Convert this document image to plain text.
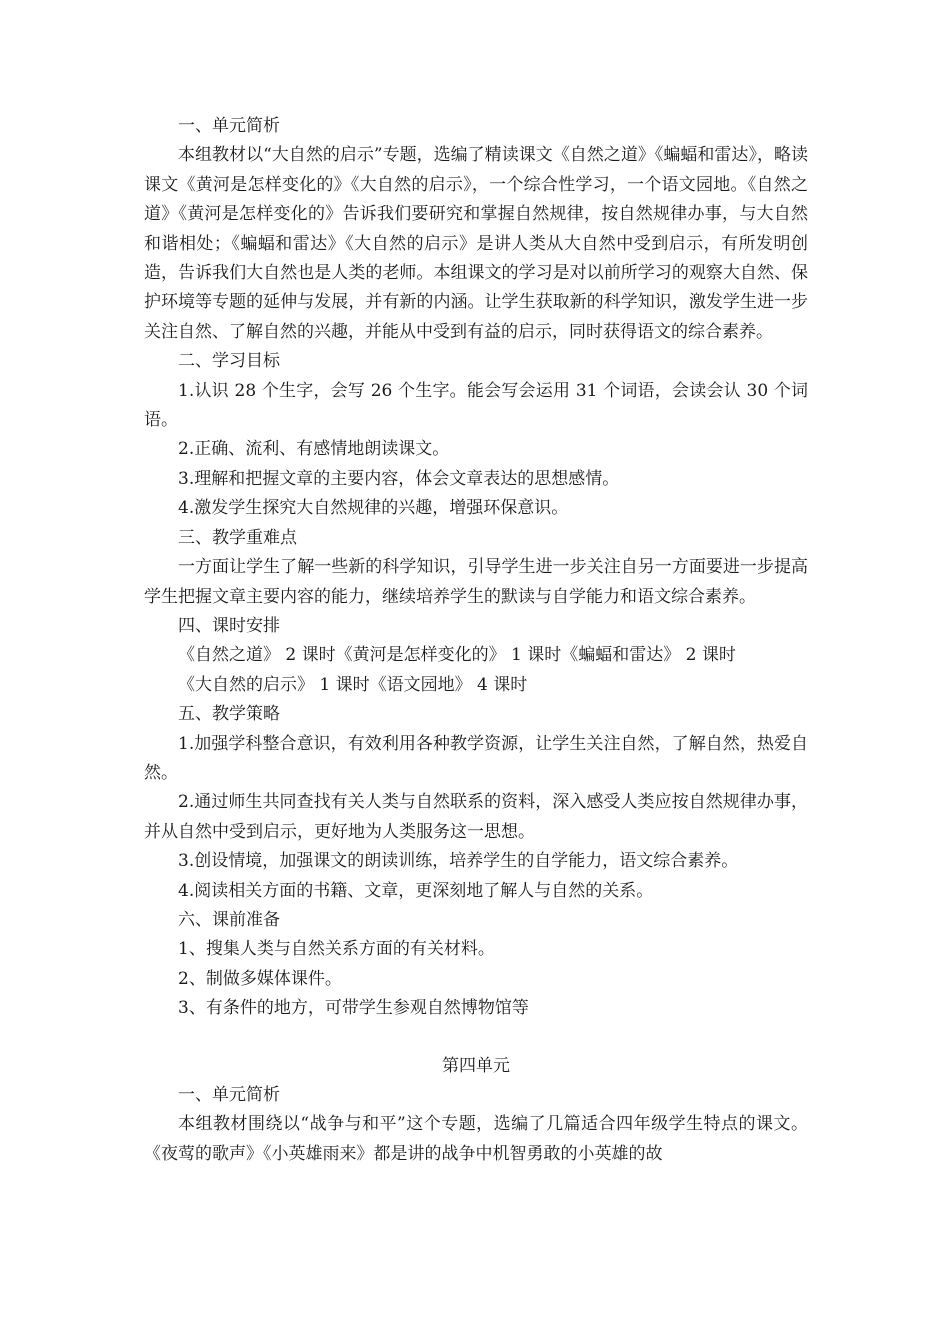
一、单元简析

本组教材以“大自然的启示”专题，选编了精读课文《自然之道》《蝙蝠和雷达》，略读课文《黄河是怎样变化的》《大自然的启示》，一个综合性学习，一个语文园地。《自然之道》《黄河是怎样变化的》告诉我们要研究和掌握自然规律，按自然规律办事，与大自然和谐相处；《蝙蝠和雷达》《大自然的启示》是讲人类从大自然中受到启示，有所发明创造，告诉我们大自然也是人类的老师。本组课文的学习是对以前所学习的观察大自然、保护环境等专题的延伸与发展，并有新的内涵。让学生获取新的科学知识，激发学生进一步关注自然、了解自然的兴趣，并能从中受到有益的启示，同时获得语文的综合素养。

二、学习目标

1.认识 28 个生字，会写 26 个生字。能会写会运用 31 个词语，会读会认 30 个词语。

2.正确、流利、有感情地朗读课文。

3.理解和把握文章的主要内容，体会文章表达的思想感情。

4.激发学生探究大自然规律的兴趣，增强环保意识。

三、教学重难点

一方面让学生了解一些新的科学知识，引导学生进一步关注自另一方面要进一步提高学生把握文章主要内容的能力，继续培养学生的默读与自学能力和语文综合素养。

四、课时安排

《自然之道》 2 课时《黄河是怎样变化的》 1 课时《蝙蝠和雷达》 2 课时

《大自然的启示》 1 课时《语文园地》 4 课时

五、教学策略

1.加强学科整合意识，有效利用各种教学资源，让学生关注自然，了解自然，热爱自然。

2.通过师生共同查找有关人类与自然联系的资料，深入感受人类应按自然规律办事，并从自然中受到启示，更好地为人类服务这一思想。

3.创设情境，加强课文的朗读训练，培养学生的自学能力，语文综合素养。

4.阅读相关方面的书籍、文章，更深刻地了解人与自然的关系。

六、课前准备

1、搜集人类与自然关系方面的有关材料。

2、制做多媒体课件。

3、有条件的地方，可带学生参观自然博物馆等

第四单元

一、单元简析

本组教材围绕以“战争与和平”这个专题，选编了几篇适合四年级学生特点的课文。《夜莺的歌声》《小英雄雨来》都是讲的战争中机智勇敢的小英雄的故
